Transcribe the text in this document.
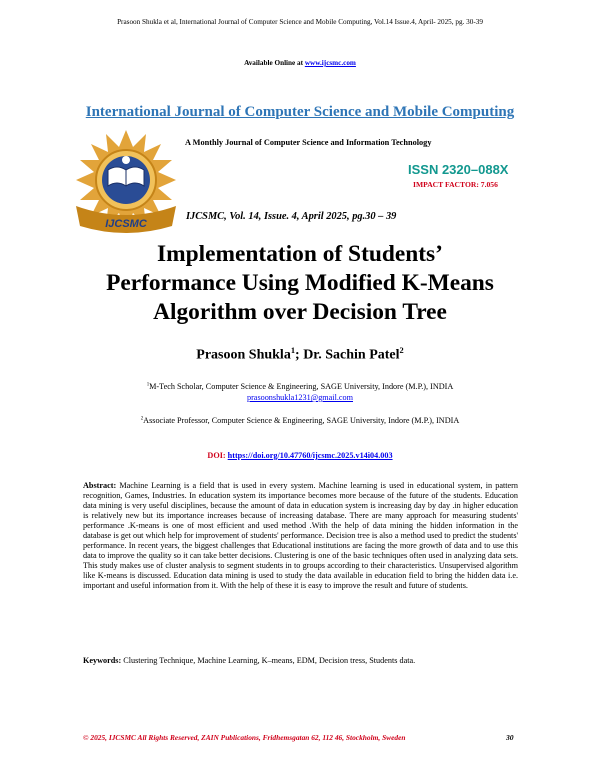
Prasoon Shukla et al, International Journal of Computer Science and Mobile Computing, Vol.14 Issue.4, April- 2025, pg. 30-39
Available Online at www.ijcsmc.com
International Journal of Computer Science and Mobile Computing
A Monthly Journal of Computer Science and Information Technology
IJCSMC
ISSN 2320–088X
IMPACT FACTOR: 7.056
IJCSMC, Vol. 14, Issue. 4, April 2025, pg.30 – 39
Implementation of Students’
Performance Using Modified K-Means
Algorithm over Decision Tree
Prasoon Shukla$^1$; Dr. Sachin Patel$^2$
$^1$M-Tech Scholar, Computer Science & Engineering, SAGE University, Indore (M.P.), INDIA
prasoonshukla1231@gmail.com
$^2$Associate Professor, Computer Science & Engineering, SAGE University, Indore (M.P.), INDIA
DOI: https://doi.org/10.47760/ijcsmc.2025.v14i04.003
Abstract: Machine Learning is a field that is used in every system. Machine learning is used in educational system, in pattern recognition, Games, Industries. In education system its importance becomes more because of the future of the students. Education data mining is very useful disciplines, because the amount of data in education system is increasing day by day .in higher education is relatively new but its importance increases because of increasing database. There are many approach for measuring students' performance .K-means is one of most efficient and used method .With the help of data mining the hidden information in the database is get out which help for improvement of students' performance. Decision tree is also a method used to predict the students' performance. In recent years, the biggest challenges that Educational institutions are facing the more growth of data and to use this data to improve the quality so it can take better decisions. Clustering is one of the basic techniques often used in analyzing data sets. This study makes use of cluster analysis to segment students in to groups according to their characteristics. Unsupervised algorithm like K-means is discussed. Education data mining is used to study the data available in education field to bring the hidden data i.e. important and useful information from it. With the help of these it is easy to improve the result and future of students.
Keywords: Clustering Technique, Machine Learning, K–means, EDM, Decision tress, Students data.
© 2025, IJCSMC All Rights Reserved, ZAIN Publications, Fridhemsgatan 62, 112 46, Stockholm, Sweden	30
